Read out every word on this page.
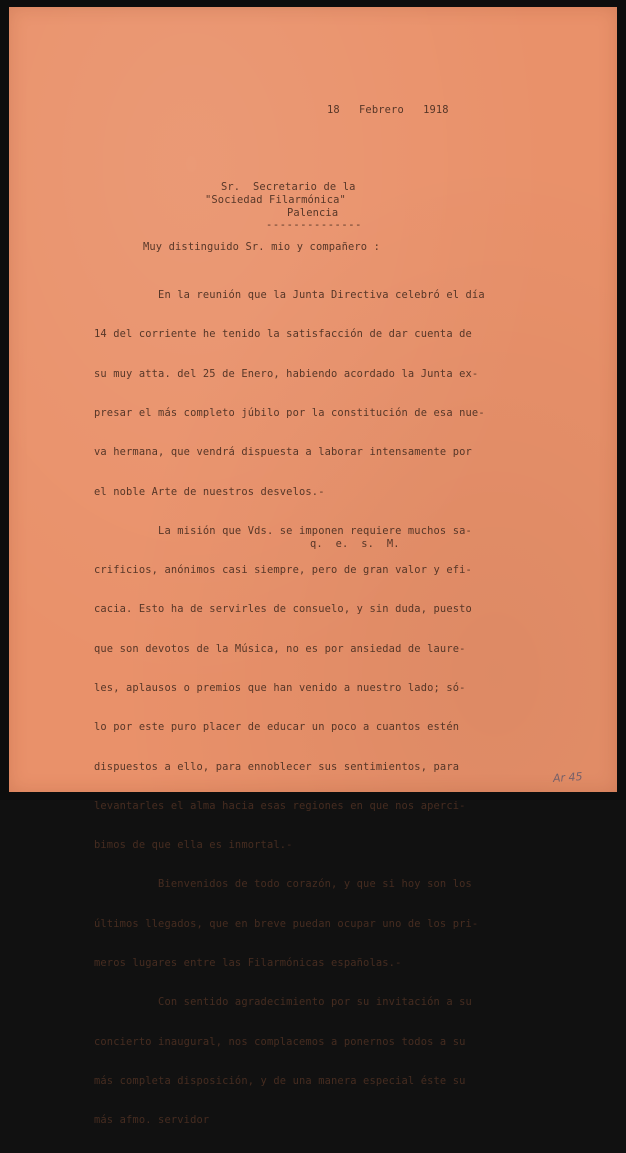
18   Febrero   1918
Sr.  Secretario de la
"Sociedad Filarmónica"
Palencia
--------------
Muy distinguido Sr. mio y compañero :

En la reunión que la Junta Directiva celebró el día

14 del corriente he tenido la satisfacción de dar cuenta de

su muy atta. del 25 de Enero, habiendo acordado la Junta ex-

presar el más completo júbilo por la constitución de esa nue-

va hermana, que vendrá dispuesta a laborar intensamente por

el noble Arte de nuestros desvelos.-

La misión que Vds. se imponen requiere muchos sa-

crificios, anónimos casi siempre, pero de gran valor y efi-

cacia. Esto ha de servirles de consuelo, y sin duda, puesto

que son devotos de la Música, no es por ansiedad de laure-

les, aplausos o premios que han venido a nuestro lado; só-

lo por este puro placer de educar un poco a cuantos estén

dispuestos a ello, para ennoblecer sus sentimientos, para

levantarles el alma hacia esas regiones en que nos aperci-

bimos de que ella es inmortal.-

Bienvenidos de todo corazón, y que si hoy son los

últimos llegados, que en breve puedan ocupar uno de los pri-

meros lugares entre las Filarmónicas españolas.-

Con sentido agradecimiento por su invitación a su

concierto inaugural, nos complacemos a ponernos todos a su

más completa disposición, y de una manera especial éste su

más afmo. servidor

q.  e.  s.  M.
Ar 45
